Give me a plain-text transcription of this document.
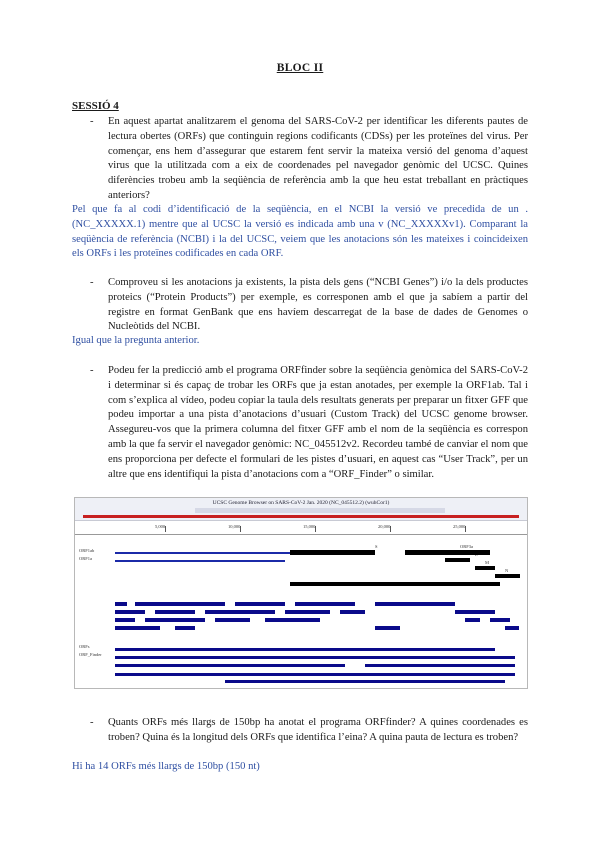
BLOC II
SESSIÓ 4
- En aquest apartat analitzarem el genoma del SARS-CoV-2 per identificar les diferents pautes de lectura obertes (ORFs) que continguin regions codificants (CDSs) per les proteïnes del virus. Per començar, ens hem d’assegurar que estarem fent servir la mateixa versió del genoma d’aquest virus que la utilitzada com a eix de coordenades pel navegador genòmic del UCSC. Quines diferències trobeu amb la seqüència de referència amb la que heu estat treballant en pràctiques anteriors?
Pel que fa al codi d’identificació de la seqüència, en el NCBI la versió ve precedida de un . (NC_XXXXX.1) mentre que al UCSC la versió es indicada amb una v (NC_XXXXXv1). Comparant la seqüència de referència (NCBI) i la del UCSC, veiem que les anotacions són les mateixes i coincideixen els ORFs i les proteïnes codificades en cada ORF.
- Comproveu si les anotacions ja existents, la pista dels gens (“NCBI Genes”) i/o la dels productes proteics (“Protein Products”) per exemple, es corresponen amb el que ja sabíem a partir del registre en format GenBank que ens havíem descarregat de la base de dades de Genomes o Nucleòtids del NCBI.
Igual que la pregunta anterior.
- Podeu fer la predicció amb el programa ORFfinder sobre la seqüència genòmica del SARS-CoV-2 i determinar si és capaç de trobar les ORFs que ja estan anotades, per exemple la ORF1ab. Tal i com s’explica al vídeo, podeu copiar la taula dels resultats generats per preparar un fitxer GFF que podeu importar a una pista d’anotacions d’usuari (Custom Track) del UCSC genome browser. Assegureu-vos que la primera columna del fitxer GFF amb el nom de la seqüència es correspon amb la que fa servir el navegador genòmic: NC_045512v2. Recordeu també de canviar el nom que ens proporciona per defecte el formulari de les pistes d’usuari, en aquest cas “User Track”, per un altre que ens identifiqui la pista d’anotacions com a “ORF_Finder” o similar.
UCSC Genome Browser on SARS-CoV-2 Jan. 2020 (NC_045512.2) (wuhCor1)
5,000	10,000	15,000	20,000	25,000
ORF1ab
ORF1a
S	ORF3a
M
N
ORFs
ORF_Finder
- Quants ORFs més llargs de 150bp ha anotat el programa ORFfinder? A quines coordenades es troben? Quina és la longitud dels ORFs que identifica l’eina? A quina pauta de lectura es troben?
Hi ha 14 ORFs més llargs de 150bp (150 nt)
